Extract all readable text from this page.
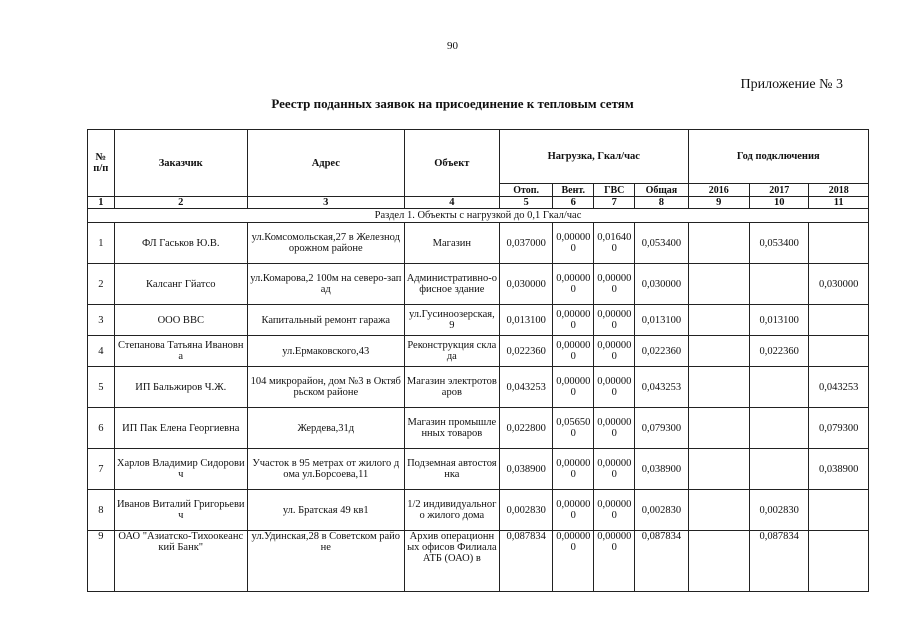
90
Приложение № 3
Реестр поданных заявок на присоединение к тепловым сетям
№ п/п	Заказчик	Адрес	Объект	Нагрузка, Гкал/час				Год подключения		
				Отоп.	Вент.	ГВС	Общая	2016	2017	2018
1	2	3	4	5	6	7	8	9	10	11
Раздел 1. Объекты с нагрузкой до 0,1 Гкал/час										
1	ФЛ Гаськов Ю.В.	ул.Комсомольская,27 в Железнодорожном районе	Магазин	0,037000	0,000000	0,016400	0,053400		0,053400	
2	Калсанг Гйатсо	ул.Комарова,2 100м на северо-запад	Административно-офисное здание	0,030000	0,000000	0,000000	0,030000			0,030000
3	ООО ВВС	Капитальный ремонт гаража	ул.Гусиноозерская,9	0,013100	0,000000	0,000000	0,013100		0,013100	
4	Степанова Татьяна Ивановна	ул.Ермаковского,43	Реконструкция склада	0,022360	0,000000	0,000000	0,022360		0,022360	
5	ИП Бальжиров Ч.Ж.	104 микрорайон, дом №3 в Октябрьском районе	Магазин электротоваров	0,043253	0,000000	0,000000	0,043253			0,043253
6	ИП Пак Елена Георгиевна	Жердева,31д	Магазин промышленных товаров	0,022800	0,056500	0,000000	0,079300			0,079300
7	Харлов Владимир Сидорович	Участок в 95 метрах от жилого дома ул.Борсоева,11	Подземная автостоянка	0,038900	0,000000	0,000000	0,038900			0,038900
8	Иванов Виталий Григорьевич	ул. Братская 49 кв1	1/2 индивидуального жилого дома	0,002830	0,000000	0,000000	0,002830		0,002830	
9	ОАО "Азиатско-Тихоокеанский Банк"	ул.Удинская,28 в Советском районе	Архив операционных офисов Филиала АТБ (ОАО) в	0,087834	0,000000	0,000000	0,087834		0,087834	
